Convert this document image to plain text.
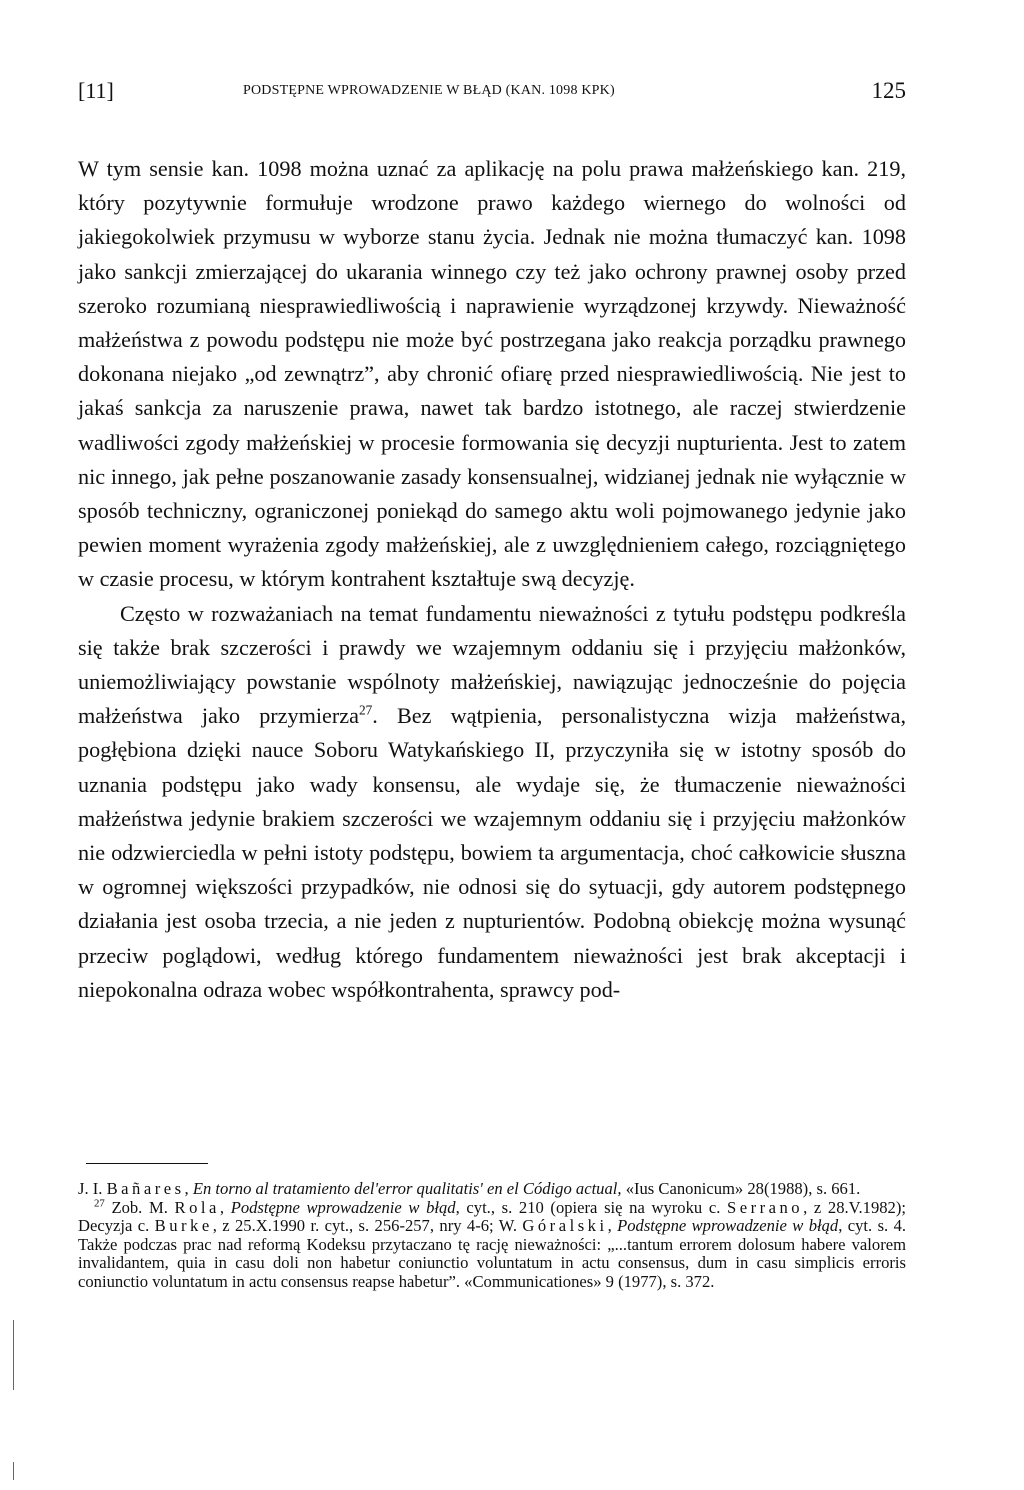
[11]	PODSTĘPNE WPROWADZENIE W BŁĄD (KAN. 1098 KPK)	125

W tym sensie kan. 1098 można uznać za aplikację na polu prawa małżeńskiego kan. 219, który pozytywnie formułuje wrodzone prawo każdego wiernego do wolności od jakiegokolwiek przymusu w wyborze stanu życia. Jednak nie można tłumaczyć kan. 1098 jako sankcji zmierzającej do ukarania winnego czy też jako ochrony prawnej osoby przed szeroko rozumianą niesprawiedliwością i naprawienie wyrządzonej krzywdy. Nieważność małżeństwa z powodu podstępu nie może być postrzegana jako reakcja porządku prawnego dokonana niejako „od zewnątrz”, aby chronić ofiarę przed niesprawiedliwością. Nie jest to jakaś sankcja za naruszenie prawa, nawet tak bardzo istotnego, ale raczej stwierdzenie wadliwości zgody małżeńskiej w procesie formowania się decyzji nupturienta. Jest to zatem nic innego, jak pełne poszanowanie zasady konsensualnej, widzianej jednak nie wyłącznie w sposób techniczny, ograniczonej poniekąd do samego aktu woli pojmowanego jedynie jako pewien moment wyrażenia zgody małżeńskiej, ale z uwzględnieniem całego, rozciągniętego w czasie procesu, w którym kontrahent kształtuje swą decyzję.

Często w rozważaniach na temat fundamentu nieważności z tytułu podstępu podkreśla się także brak szczerości i prawdy we wzajemnym oddaniu się i przyjęciu małżonków, uniemożliwiający powstanie wspólnoty małżeńskiej, nawiązując jednocześnie do pojęcia małżeństwa jako przymierza$^{27}$. Bez wątpienia, personalistyczna wizja małżeństwa, pogłębiona dzięki nauce Soboru Watykańskiego II, przyczyniła się w istotny sposób do uznania podstępu jako wady konsensu, ale wydaje się, że tłumaczenie nieważności małżeństwa jedynie brakiem szczerości we wzajemnym oddaniu się i przyjęciu małżonków nie odzwierciedla w pełni istoty podstępu, bowiem ta argumentacja, choć całkowicie słuszna w ogromnej większości przypadków, nie odnosi się do sytuacji, gdy autorem podstępnego działania jest osoba trzecia, a nie jeden z nupturientów. Podobną obiekcję można wysunąć przeciw poglądowi, według którego fundamentem nieważności jest brak akceptacji i niepokonalna odraza wobec współkontrahenta, sprawcy pod-

J. I. Bañares, En torno al tratamiento del'error qualitatis' en el Código actual, «Ius Canonicum» 28(1988), s. 661.

$^{27}$ Zob. M. Rola, Podstępne wprowadzenie w błąd, cyt., s. 210 (opiera się na wyroku c. Serrano, z 28.V.1982); Decyzja c. Burke, z 25.X.1990 r. cyt., s. 256-257, nry 4-6; W. Góralski, Podstępne wprowadzenie w błąd, cyt. s. 4. Także podczas prac nad reformą Kodeksu przytaczano tę rację nieważności: „...tantum errorem dolosum habere valorem invalidantem, quia in casu doli non habetur coniunctio voluntatum in actu consensus, dum in casu simplicis erroris coniunctio voluntatum in actu consensus reapse habetur”. «Communicationes» 9 (1977), s. 372.
